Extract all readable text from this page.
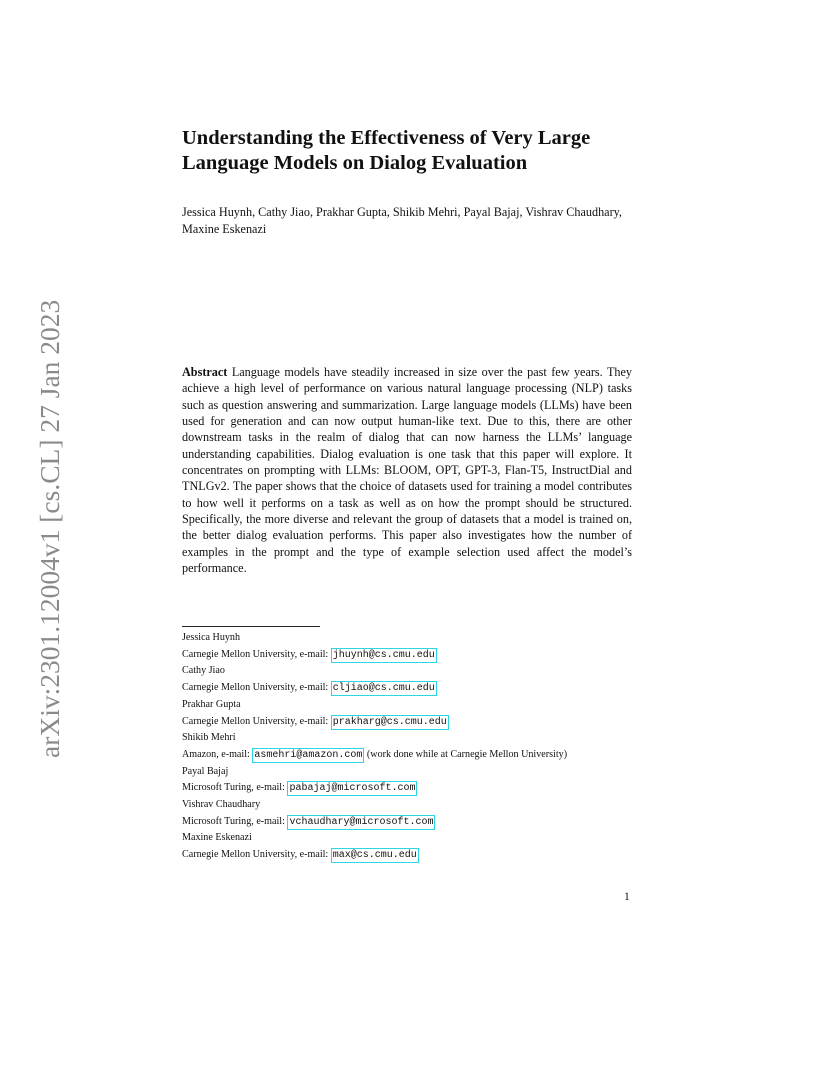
arXiv:2301.12004v1 [cs.CL] 27 Jan 2023
Understanding the Effectiveness of Very Large Language Models on Dialog Evaluation
Jessica Huynh, Cathy Jiao, Prakhar Gupta, Shikib Mehri, Payal Bajaj, Vishrav Chaudhary, Maxine Eskenazi
Abstract Language models have steadily increased in size over the past few years. They achieve a high level of performance on various natural language processing (NLP) tasks such as question answering and summarization. Large language models (LLMs) have been used for generation and can now output human-like text. Due to this, there are other downstream tasks in the realm of dialog that can now harness the LLMs’ language understanding capabilities. Dialog evaluation is one task that this paper will explore. It concentrates on prompting with LLMs: BLOOM, OPT, GPT-3, Flan-T5, InstructDial and TNLGv2. The paper shows that the choice of datasets used for training a model contributes to how well it performs on a task as well as on how the prompt should be structured. Specifically, the more diverse and relevant the group of datasets that a model is trained on, the better dialog evaluation performs. This paper also investigates how the number of examples in the prompt and the type of example selection used affect the model’s performance.
Jessica Huynh
Carnegie Mellon University, e-mail: jhuynh@cs.cmu.edu
Cathy Jiao
Carnegie Mellon University, e-mail: cljiao@cs.cmu.edu
Prakhar Gupta
Carnegie Mellon University, e-mail: prakharg@cs.cmu.edu
Shikib Mehri
Amazon, e-mail: asmehri@amazon.com (work done while at Carnegie Mellon University)
Payal Bajaj
Microsoft Turing, e-mail: pabajaj@microsoft.com
Vishrav Chaudhary
Microsoft Turing, e-mail: vchaudhary@microsoft.com
Maxine Eskenazi
Carnegie Mellon University, e-mail: max@cs.cmu.edu
1
